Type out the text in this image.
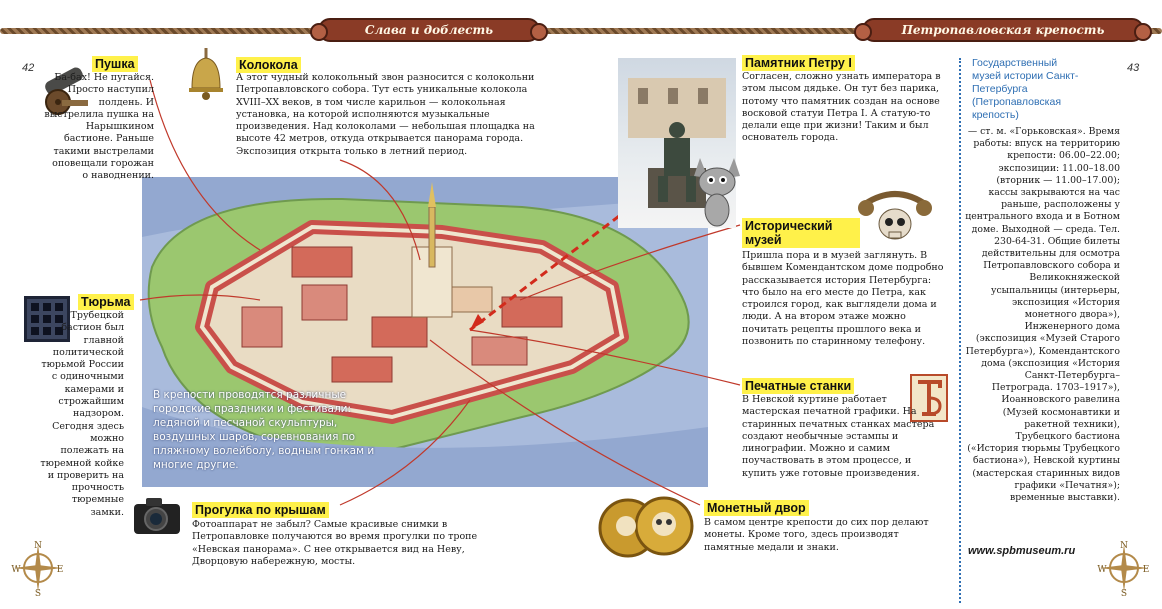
Слава и доблесть	Петропавловская крепость
42	43
В крепости проводятся различные городские праздники и фестивали: ледяной и песчаной скульптуры, воздушных шаров, соревнования по пляжному волейболу, водным гонкам и многие другие.
Пушка
Ба-бах! Не пугайся. Просто наступил полдень. И выстрелила пушка на Нарышкином бастионе. Раньше такими выстрелами оповещали горожан о наводнении.
Колокола
А этот чудный колокольный звон разносится с колокольни Петропавловского собора. Тут есть уникальные колокола XVIII–XX веков, в том числе карильон — колокольная установка, на которой исполняются музыкальные произведения. Над колоколами — небольшая площадка на высоте 42 метров, откуда открывается панорама города. Экспозиция открыта только в летний период.
Тюрьма
Трубецкой бастион был главной политической тюрьмой России с одиночными камерами и строжайшим надзором. Сегодня здесь можно полежать на тюремной койке и проверить на прочность тюремные замки.
Памятник Петру I
Согласен, сложно узнать императора в этом лысом дядьке. Он тут без парика, потому что памятник создан на основе восковой статуи Петра I. А статую-то делали еще при жизни! Таким и был основатель города.
Исторический музей
Пришла пора и в музей заглянуть. В бывшем Комендантском доме подробно рассказывается история Петербурга: что было на его месте до Петра, как строился город, как выглядели дома и люди. А на втором этаже можно почитать рецепты прошлого века и позвонить по старинному телефону.
Печатные станки
В Невской куртине работает мастерская печатной графики. На старинных печатных станках мастера создают необычные эстампы и линографии. Можно и самим поучаствовать в этом процессе, и купить уже готовые произведения.
Прогулка по крышам
Фотоаппарат не забыл? Самые красивые снимки в Петропавловке получаются во время прогулки по тропе «Невская панорама». С нее открывается вид на Неву, Дворцовую набережную, мосты.
Монетный двор
В самом центре крепости до сих пор делают монеты. Кроме того, здесь производят памятные медали и знаки.
N
W	E
S
N
W	E
S
Государственный музей истории Санкт-Петербурга (Петропавловская крепость)
— ст. м. «Горьковская». Время работы: впуск на территорию крепости: 06.00–22.00; экспозиции: 11.00–18.00 (вторник — 11.00–17.00); кассы закрываются на час раньше, расположены у центрального входа и в Ботном доме. Выходной — среда. Тел. 230-64-31. Общие билеты действительны для осмотра Петропавловского собора и Великокняжеской усыпальницы (интерьеры, экспозиция «История монетного двора»), Инженерного дома (экспозиция «Музей Старого Петербурга»), Комендантского дома (экспозиция «История Санкт-Петербурга–Петрограда. 1703–1917»), Иоанновского равелина (Музей космонавтики и ракетной техники), Трубецкого бастиона («История тюрьмы Трубецкого бастиона»), Невской куртины (мастерская старинных видов графики «Печатня»); временные выставки).
www.spbmuseum.ru
